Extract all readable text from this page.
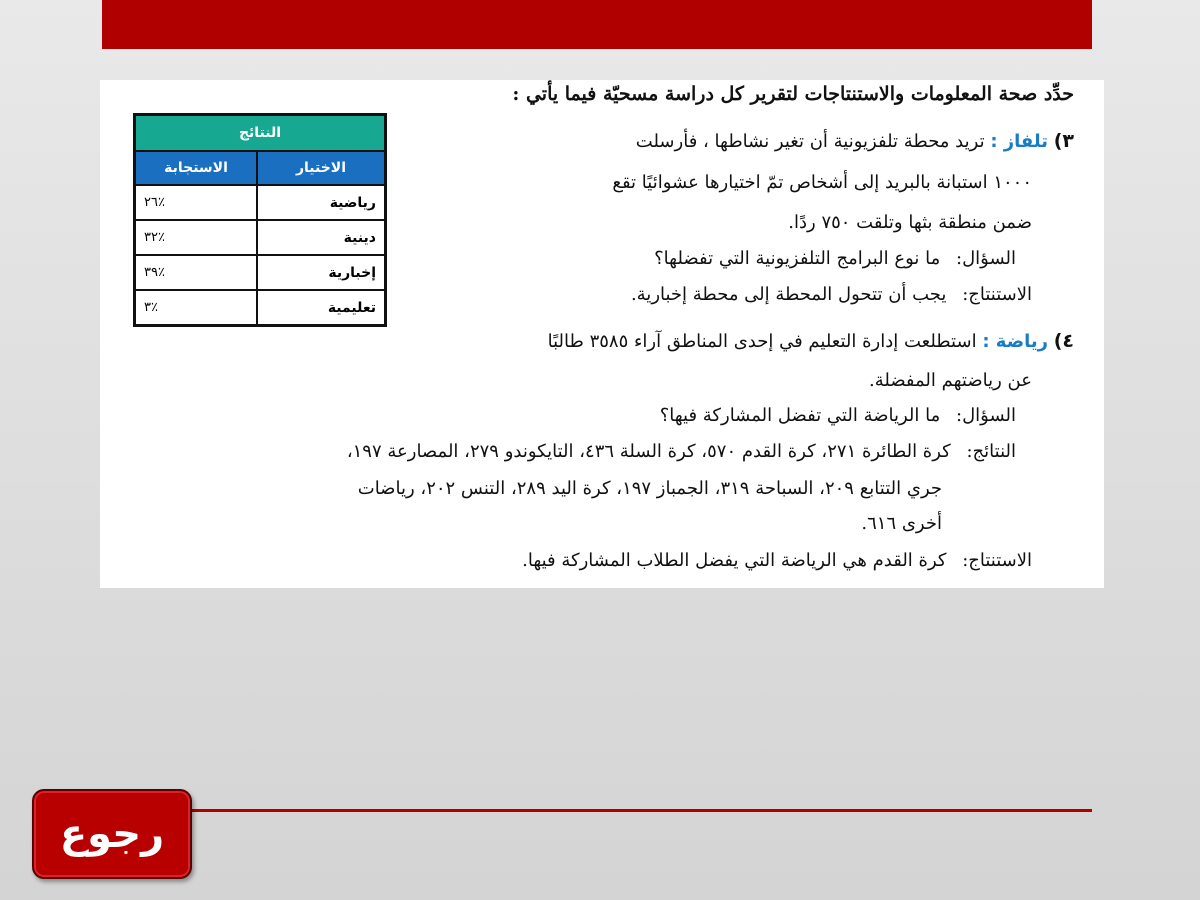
حدِّد صحة المعلومات والاستنتاجات لتقرير كل دراسة مسحيّة فيما يأتي :
النتائج	
الاختيار	الاستجابة
رياضية	٪٢٦
دينية	٪٣٢
إخبارية	٪٣٩
تعليمية	٪٣
٣) تلفاز : تريد محطة تلفزيونية أن تغير نشاطها ، فأرسلت
١٠٠٠ استبانة بالبريد إلى أشخاص تمّ اختيارها عشوائيًا تقع
ضمن منطقة بثها وتلقت ٧٥٠ ردًا.
السؤال: ما نوع البرامج التلفزيونية التي تفضلها؟
الاستنتاج: يجب أن تتحول المحطة إلى محطة إخبارية.
٤) رياضة : استطلعت إدارة التعليم في إحدى المناطق آراء ٣٥٨٥ طالبًا
عن رياضتهم المفضلة.
السؤال: ما الرياضة التي تفضل المشاركة فيها؟
النتائج: كرة الطائرة ٢٧١، كرة القدم ٥٧٠، كرة السلة ٤٣٦، التايكوندو ٢٧٩، المصارعة ١٩٧،
جري التتابع ٢٠٩، السباحة ٣١٩، الجمباز ١٩٧، كرة اليد ٢٨٩، التنس ٢٠٢، رياضات
أخرى ٦١٦.
الاستنتاج: كرة القدم هي الرياضة التي يفضل الطلاب المشاركة فيها.
رجوع
